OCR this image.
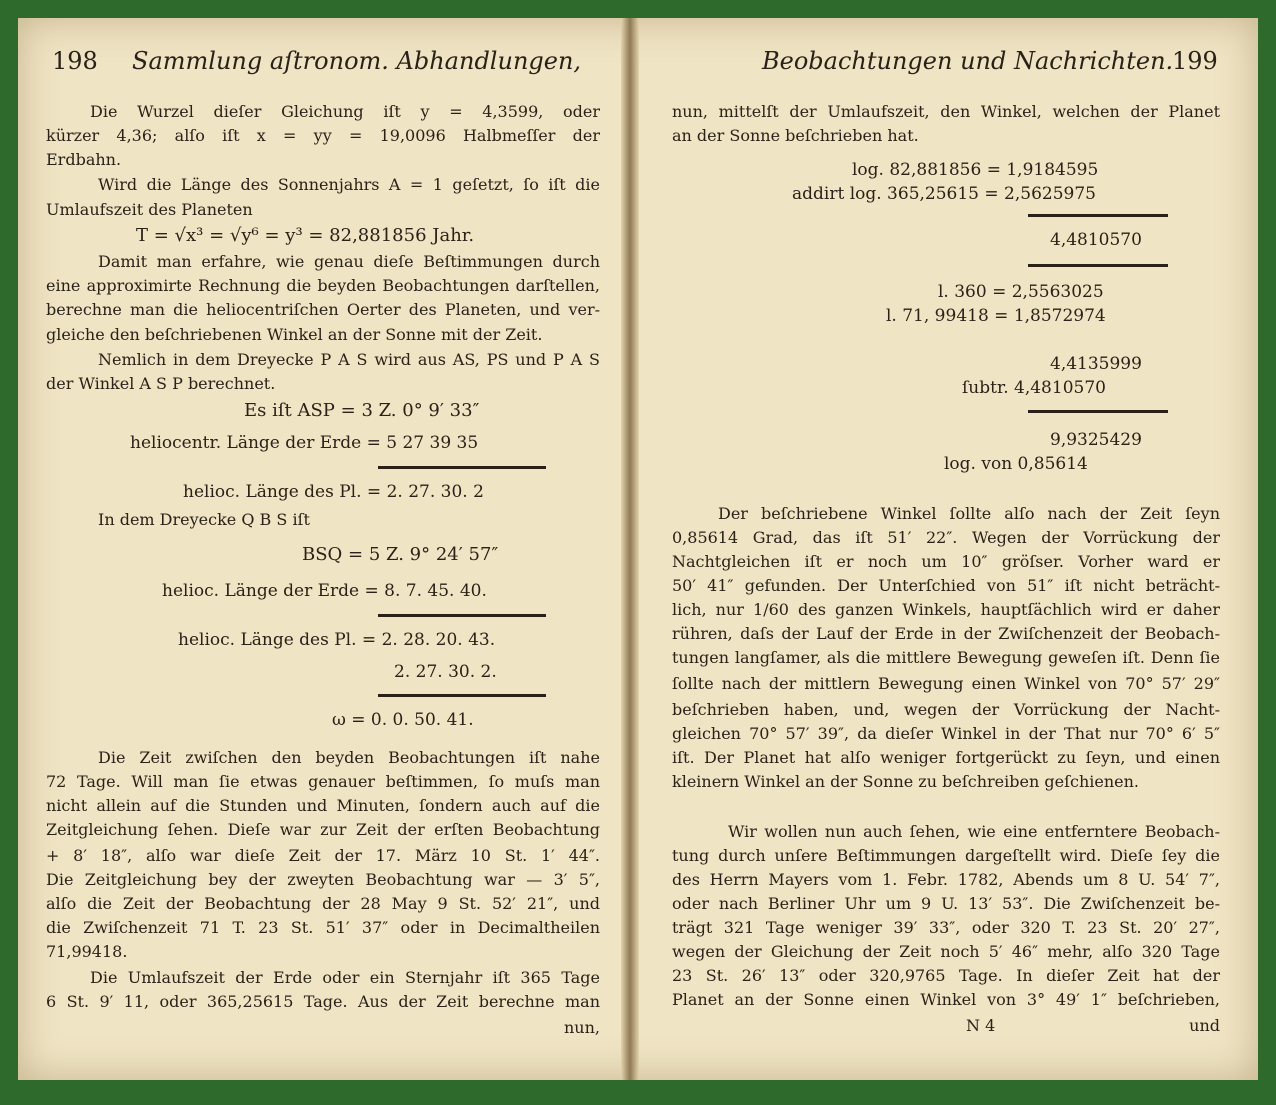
198 Sammlung aſtronom. Abhandlungen,
Die Wurzel dieſer Gleichung iſt y = 4,3599, oder
kürzer 4,36; alſo iſt x = yy = 19,0096 Halbmeſſer der
Erdbahn.
Wird die Länge des Sonnenjahrs A = 1 geſetzt, ſo iſt die
Umlaufszeit des Planeten
T = √x³ = √y⁶ = y³ = 82,881856 Jahr.
Damit man erfahre, wie genau dieſe Beſtimmungen durch
eine approximirte Rechnung die beyden Beobachtungen darſtellen,
berechne man die heliocentriſchen Oerter des Planeten, und ver-
gleiche den beſchriebenen Winkel an der Sonne mit der Zeit.
Nemlich in dem Dreyecke P A S wird aus AS, PS und P A S
der Winkel A S P berechnet.
Es iſt ASP = 3 Z. 0° 9′ 33″
heliocentr. Länge der Erde = 5 27 39 35
helioc. Länge des Pl. = 2. 27. 30. 2
In dem Dreyecke Q B S iſt
BSQ = 5 Z. 9° 24′ 57″
helioc. Länge der Erde = 8. 7. 45. 40.
helioc. Länge des Pl. = 2. 28. 20. 43.
2. 27. 30. 2.
ω = 0. 0. 50. 41.
Die Zeit zwiſchen den beyden Beobachtungen iſt nahe
72 Tage. Will man ſie etwas genauer beſtimmen, ſo muſs man
nicht allein auf die Stunden und Minuten, ſondern auch auf die
Zeitgleichung ſehen. Dieſe war zur Zeit der erſten Beobachtung
+ 8′ 18″, alſo war dieſe Zeit der 17. März 10 St. 1′ 44″.
Die Zeitgleichung bey der zweyten Beobachtung war — 3′ 5″,
alſo die Zeit der Beobachtung der 28 May 9 St. 52′ 21″, und
die Zwiſchenzeit 71 T. 23 St. 51′ 37″ oder in Decimaltheilen
71,99418.
Die Umlaufszeit der Erde oder ein Sternjahr iſt 365 Tage
6 St. 9′ 11, oder 365,25615 Tage. Aus der Zeit berechne man
nun,
Beobachtungen und Nachrichten.
199
nun, mittelſt der Umlaufszeit, den Winkel, welchen der Planet
an der Sonne beſchrieben hat.
log. 82,881856 = 1,9184595
addirt log. 365,25615 = 2,5625975
4,4810570
l. 360 = 2,5563025
l. 71, 99418 = 1,8572974
4,4135999
ſubtr. 4,4810570
9,9325429
log. von 0,85614
Der beſchriebene Winkel ſollte alſo nach der Zeit ſeyn
0,85614 Grad, das iſt 51′ 22″. Wegen der Vorrückung der
Nachtgleichen iſt er noch um 10″ gröſser. Vorher ward er
50′ 41″ gefunden. Der Unterſchied von 51″ iſt nicht beträcht-
lich, nur 1/60 des ganzen Winkels, hauptſächlich wird er daher
rühren, daſs der Lauf der Erde in der Zwiſchenzeit der Beobach-
tungen langſamer, als die mittlere Bewegung geweſen iſt. Denn ſie
ſollte nach der mittlern Bewegung einen Winkel von 70° 57′ 29″
beſchrieben haben, und, wegen der Vorrückung der Nacht-
gleichen 70° 57′ 39″, da dieſer Winkel in der That nur 70° 6′ 5″
iſt. Der Planet hat alſo weniger fortgerückt zu ſeyn, und einen
kleinern Winkel an der Sonne zu beſchreiben geſchienen.
Wir wollen nun auch ſehen, wie eine entferntere Beobach-
tung durch unſere Beſtimmungen dargeſtellt wird. Dieſe ſey die
des Herrn Mayers vom 1. Febr. 1782, Abends um 8 U. 54′ 7″,
oder nach Berliner Uhr um 9 U. 13′ 53″. Die Zwiſchenzeit be-
trägt 321 Tage weniger 39′ 33″, oder 320 T. 23 St. 20′ 27″,
wegen der Gleichung der Zeit noch 5′ 46″ mehr, alſo 320 Tage
23 St. 26′ 13″ oder 320,9765 Tage. In dieſer Zeit hat der
Planet an der Sonne einen Winkel von 3° 49′ 1″ beſchrieben,
N 4	und
